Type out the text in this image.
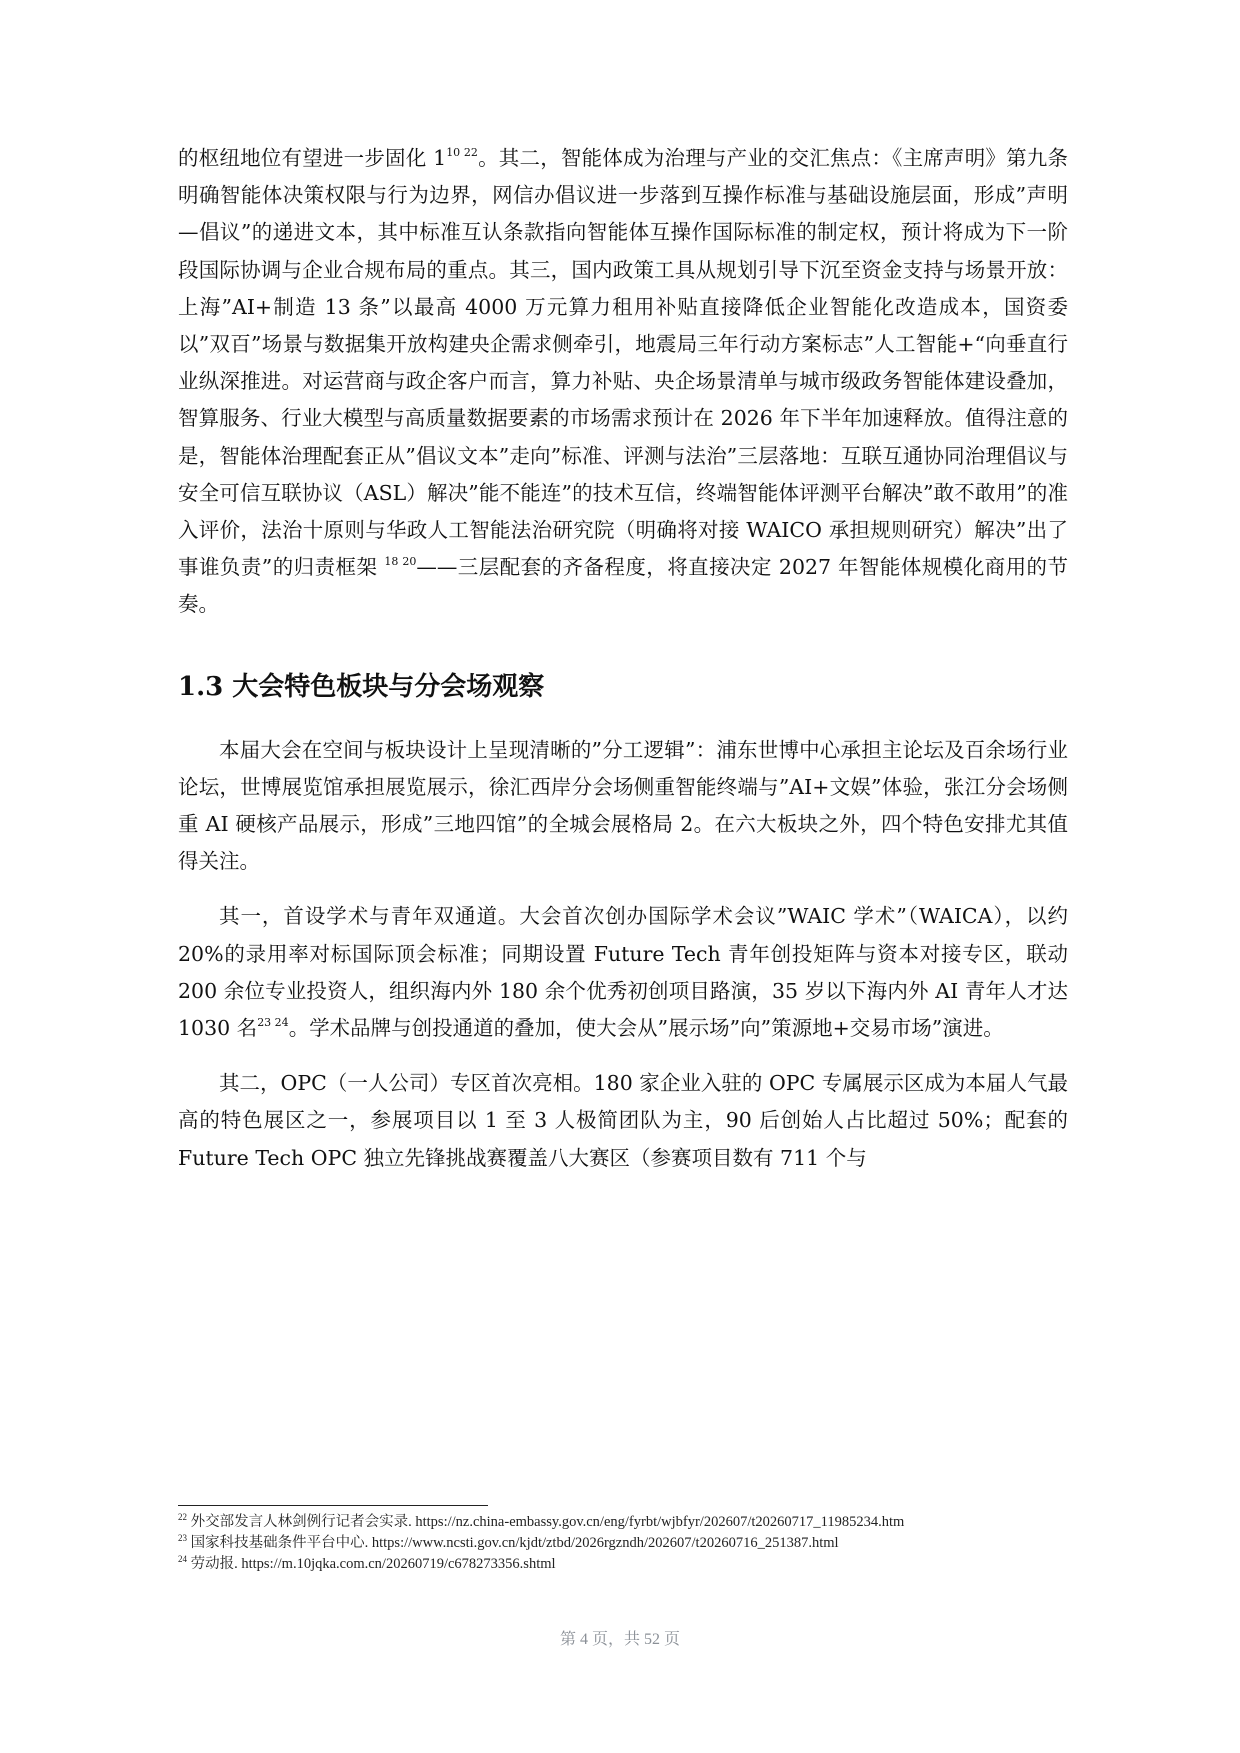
的枢纽地位有望进一步固化 $1^{10 22}$。其二，智能体成为治理与产业的交汇焦点：《主席声明》第九条明确智能体决策权限与行为边界，网信办倡议进一步落到互操作标准与基础设施层面，形成”声明—倡议”的递进文本，其中标准互认条款指向智能体互操作国际标准的制定权，预计将成为下一阶段国际协调与企业合规布局的重点。其三，国内政策工具从规划引导下沉至资金支持与场景开放：上海”AI+制造 13 条”以最高 4000 万元算力租用补贴直接降低企业智能化改造成本，国资委以”双百”场景与数据集开放构建央企需求侧牵引，地震局三年行动方案标志”人工智能+“向垂直行业纵深推进。对运营商与政企客户而言，算力补贴、央企场景清单与城市级政务智能体建设叠加，智算服务、行业大模型与高质量数据要素的市场需求预计在 2026 年下半年加速释放。值得注意的是，智能体治理配套正从”倡议文本”走向”标准、评测与法治”三层落地：互联互通协同治理倡议与安全可信互联协议（ASL）解决”能不能连”的技术互信，终端智能体评测平台解决”敢不敢用”的准入评价，法治十原则与华政人工智能法治研究院（明确将对接 WAICO 承担规则研究）解决”出了事谁负责”的归责框架 $^{18 20}$——三层配套的齐备程度，将直接决定 2027 年智能体规模化商用的节奏。

1.3 大会特色板块与分会场观察

本届大会在空间与板块设计上呈现清晰的”分工逻辑”：浦东世博中心承担主论坛及百余场行业论坛，世博展览馆承担展览展示，徐汇西岸分会场侧重智能终端与”AI+文娱”体验，张江分会场侧重 AI 硬核产品展示，形成”三地四馆”的全城会展格局 2。在六大板块之外，四个特色安排尤其值得关注。

其一，首设学术与青年双通道。大会首次创办国际学术会议”WAIC 学术”（WAICA），以约 20%的录用率对标国际顶会标准；同期设置 Future Tech 青年创投矩阵与资本对接专区，联动 200 余位专业投资人，组织海内外 180 余个优秀初创项目路演，35 岁以下海内外 AI 青年人才达 1030 名$^{23 24}$。学术品牌与创投通道的叠加，使大会从”展示场”向”策源地+交易市场”演进。

其二，OPC（一人公司）专区首次亮相。180 家企业入驻的 OPC 专属展示区成为本届人气最高的特色展区之一，参展项目以 1 至 3 人极简团队为主，90 后创始人占比超过 50%；配套的 Future Tech OPC 独立先锋挑战赛覆盖八大赛区（参赛项目数有 711 个与

$^{22}$ 外交部发言人林剑例行记者会实录. https://nz.china-embassy.gov.cn/eng/fyrbt/wjbfyr/202607/t20260717_11985234.htm

$^{23}$ 国家科技基础条件平台中心. https://www.ncsti.gov.cn/kjdt/ztbd/2026rgzndh/202607/t20260716_251387.html

$^{24}$ 劳动报. https://m.10jqka.com.cn/20260719/c678273356.shtml

第 4 页，共 52 页
